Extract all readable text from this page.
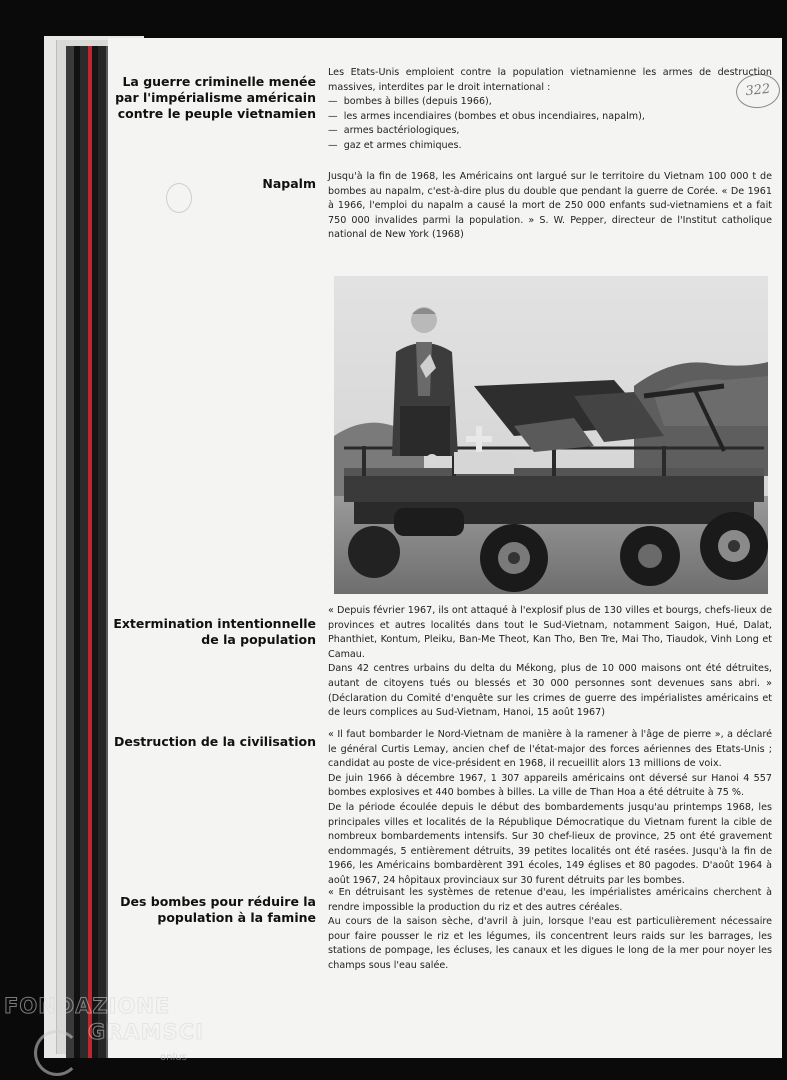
322
La guerre criminelle menée par l'impérialisme américain contre le peuple vietnamien

Les Etats-Unis emploient contre la population vietnamienne les armes de destruction massives, interdites par le droit international :

—  bombes à billes (depuis 1966),
—  les armes incendiaires (bombes et obus incendiaires, napalm),
—  armes bactériologiques,
—  gaz et armes chimiques.
Napalm Jusqu'à la fin de 1968, les Américains ont largué sur le territoire du Vietnam 100 000 t de bombes au napalm, c'est-à-dire plus du double que pendant la guerre de Corée. « De 1961 à 1966, l'emploi du napalm a causé la mort de 250 000 enfants sud-vietnamiens et a fait 750 000 invalides parmi la population. » S. W. Pepper, directeur de l'Institut catholique national de New York (1968)

Extermination intentionnelle de la population

« Depuis février 1967, ils ont attaqué à l'explosif plus de 130 villes et bourgs, chefs-lieux de provinces et autres localités dans tout le Sud-Vietnam, notamment Saigon, Hué, Dalat, Phanthiet, Kontum, Pleiku, Ban-Me Theot, Kan Tho, Ben Tre, Mai Tho, Tiaudok, Vinh Long et Camau.

Dans 42 centres urbains du delta du Mékong, plus de 10 000 maisons ont été détruites, autant de citoyens tués ou blessés et 30 000 personnes sont devenues sans abri. » (Déclaration du Comité d'enquête sur les crimes de guerre des impérialistes américains et de leurs complices au Sud-Vietnam, Hanoi, 15 août 1967)

Destruction de la civilisation « Il faut bombarder le Nord-Vietnam de manière à la ramener à l'âge de pierre », a déclaré le général Curtis Lemay, ancien chef de l'état-major des forces aériennes des Etats-Unis ; candidat au poste de vice-président en 1968, il recueillit alors 13 millions de voix.

De juin 1966 à décembre 1967, 1 307 appareils américains ont déversé sur Hanoi 4 557 bombes explosives et 440 bombes à billes. La ville de Than Hoa a été détruite à 75 %.

De la période écoulée depuis le début des bombardements jusqu'au printemps 1968, les principales villes et localités de la République Démocratique du Vietnam furent la cible de nombreux bombardements intensifs. Sur 30 chef-lieux de province, 25 ont été gravement endommagés, 5 entièrement détruits, 39 petites localités ont été rasées. Jusqu'à la fin de 1966, les Américains bombardèrent 391 écoles, 149 églises et 80 pagodes. D'août 1964 à août 1967, 24 hôpitaux provinciaux sur 30 furent détruits par les bombes.

Des bombes pour réduire la population à la famine

« En détruisant les systèmes de retenue d'eau, les impérialistes américains cherchent à rendre impossible la production du riz et des autres céréales.

Au cours de la saison sèche, d'avril à juin, lorsque l'eau est particulièrement nécessaire pour faire pousser le riz et les légumes, ils concentrent leurs raids sur les barrages, les stations de pompage, les écluses, les canaux et les digues le long de la mer pour noyer les champs sous l'eau salée.

FONDAZIONE
GRAMSCI
onlus
